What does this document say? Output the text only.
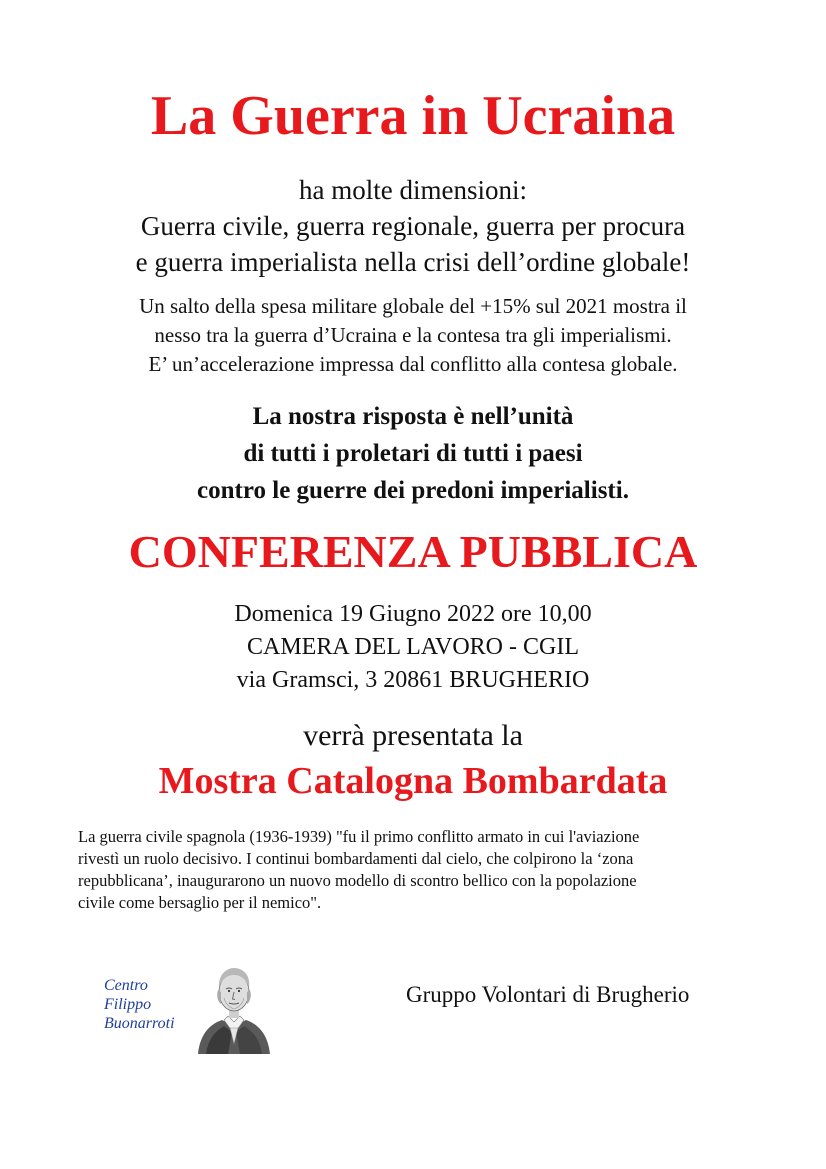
La Guerra in Ucraina
ha molte dimensioni:
Guerra civile, guerra regionale, guerra per procura
e guerra imperialista nella crisi dell’ordine globale!
Un salto della spesa militare globale del +15% sul 2021 mostra il
nesso tra la guerra d’Ucraina e la contesa tra gli imperialismi.
E’ un’accelerazione impressa dal conflitto alla contesa globale.
La nostra risposta è nell’unità
di tutti i proletari di tutti i paesi
contro le guerre dei predoni imperialisti.
CONFERENZA PUBBLICA
Domenica 19 Giugno 2022 ore 10,00
CAMERA DEL LAVORO - CGIL
via Gramsci, 3 20861 BRUGHERIO
verrà presentata la
Mostra Catalogna Bombardata
La guerra civile spagnola (1936-1939) "fu il primo conflitto armato in cui l'aviazione
rivestì un ruolo decisivo. I continui bombardamenti dal cielo, che colpirono la ‘zona
repubblicana’, inaugurarono un nuovo modello di scontro bellico con la popolazione
civile come bersaglio per il nemico".
Centro
Filippo
Buonarroti
Gruppo Volontari di Brugherio
